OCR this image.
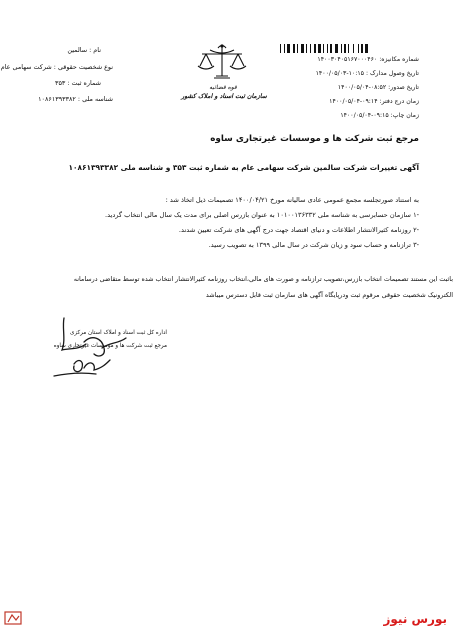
شماره مکانیزه: ۱۴۰۰۳۰۴۰۵۱۶۷۰۰۰۴۶۰
تاریخ وصول مدارک : ۱۰:۱۵-۱۴۰۰/۰۵/۰۳
تاریخ صدور: ۰۸:۵۲-۱۴۰۰/۰۵/۰۴
زمان درج دفتر: ۰۹:۱۴-۱۴۰۰/۰۵/۰۴
زمان چاپ: ۰۹:۱۵-۱۴۰۰/۰۵/۰۴
قوه قضائیه
سازمان ثبت اسناد و املاک کشور
نام : سالمین
نوع شخصیت حقوقی : شرکت سهامی عام
شماره ثبت : ۳۵۳
شناسه ملی : ۱۰۸۶۱۳۹۳۳۸۲
مرجع ثبت شرکت ها و موسسات غیرتجاری ساوه
آگهی تغییرات شرکت سالمین شرکت سهامی عام به شماره ثبت ۳۵۳ و شناسه ملی ۱۰۸۶۱۳۹۳۳۸۲
به استناد صورتجلسه مجمع عمومی عادی سالیانه مورخ ۱۴۰۰/۰۴/۲۱ تصمیمات ذیل اتخاذ شد :
-۱ سازمان حسابرسی به شناسه ملی ۱۰۱۰۰۱۳۶۳۳۲ به عنوان بازرس اصلی برای مدت یک سال مالی انتخاب گردید.
-۲ روزنامه کثیرالانتشار اطلاعات و دنیای اقتصاد جهت درج آگهی های شرکت تعیین شدند.
-۳ ترازنامه و حساب سود و زیان شرکت در سال مالی ۱۳۹۹ به تصویب رسید.
باثبت این مستند تصمیمات انتخاب بازرس،تصویب ترازنامه و صورت های مالی،انتخاب روزنامه کثیرالانتشار انتخاب شده توسط متقاضی درسامانه
الکترونیک شخصیت حقوقی مرقوم ثبت ودرپایگاه آگهی های سازمان ثبت قابل دسترس میباشد
اداره کل ثبت اسناد و املاک استان مرکزی
مرجع ثبت شرکت ها و موسسات غیرتجاری ساوه
بورس نیوز
